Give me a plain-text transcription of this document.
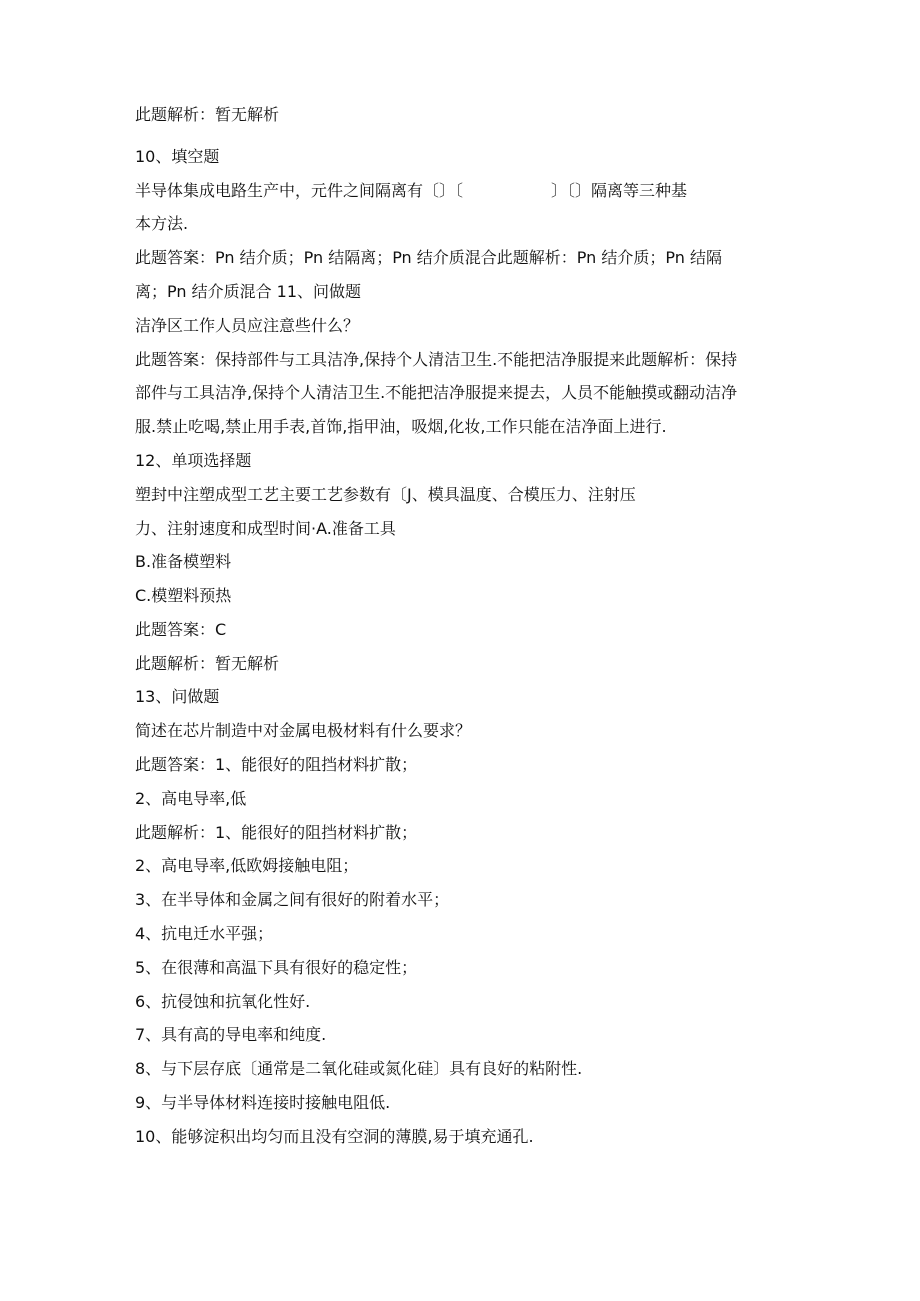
此题解析：暂无解析
10、填空题
半导体集成电路生产中，元件之间隔离有〔〕〔	〕〔〕隔离等三种基
本方法.
此题答案：Pn 结介质；Pn 结隔离；Pn 结介质混合此题解析：Pn 结介质；Pn 结隔
离；Pn 结介质混合 11、问做题
洁净区工作人员应注意些什么？
此题答案：保持部件与工具洁净,保持个人清洁卫生.不能把洁净服提来此题解析：保持
部件与工具洁净,保持个人清洁卫生.不能把洁净服提来提去，人员不能触摸或翻动洁净
服.禁止吃喝,禁止用手表,首饰,指甲油，吸烟,化妆,工作只能在洁净面上进行.
12、单项选择题
塑封中注塑成型工艺主要工艺参数有〔J、模具温度、合模压力、注射压
力、注射速度和成型时间·A.准备工具
B.准备模塑料
C.模塑料预热
此题答案：C
此题解析：暂无解析
13、问做题
简述在芯片制造中对金属电极材料有什么要求？
此题答案：1、能很好的阻挡材料扩散；
2、高电导率,低
此题解析：1、能很好的阻挡材料扩散；
2、高电导率,低欧姆接触电阻；
3、在半导体和金属之间有很好的附着水平；
4、抗电迁水平强；
5、在很薄和高温下具有很好的稳定性；
6、抗侵蚀和抗氧化性好.
7、具有高的导电率和纯度.
8、与下层存底〔通常是二氧化硅或氮化硅〕具有良好的粘附性.
9、与半导体材料连接时接触电阻低.
10、能够淀积出均匀而且没有空洞的薄膜,易于填充通孔.
